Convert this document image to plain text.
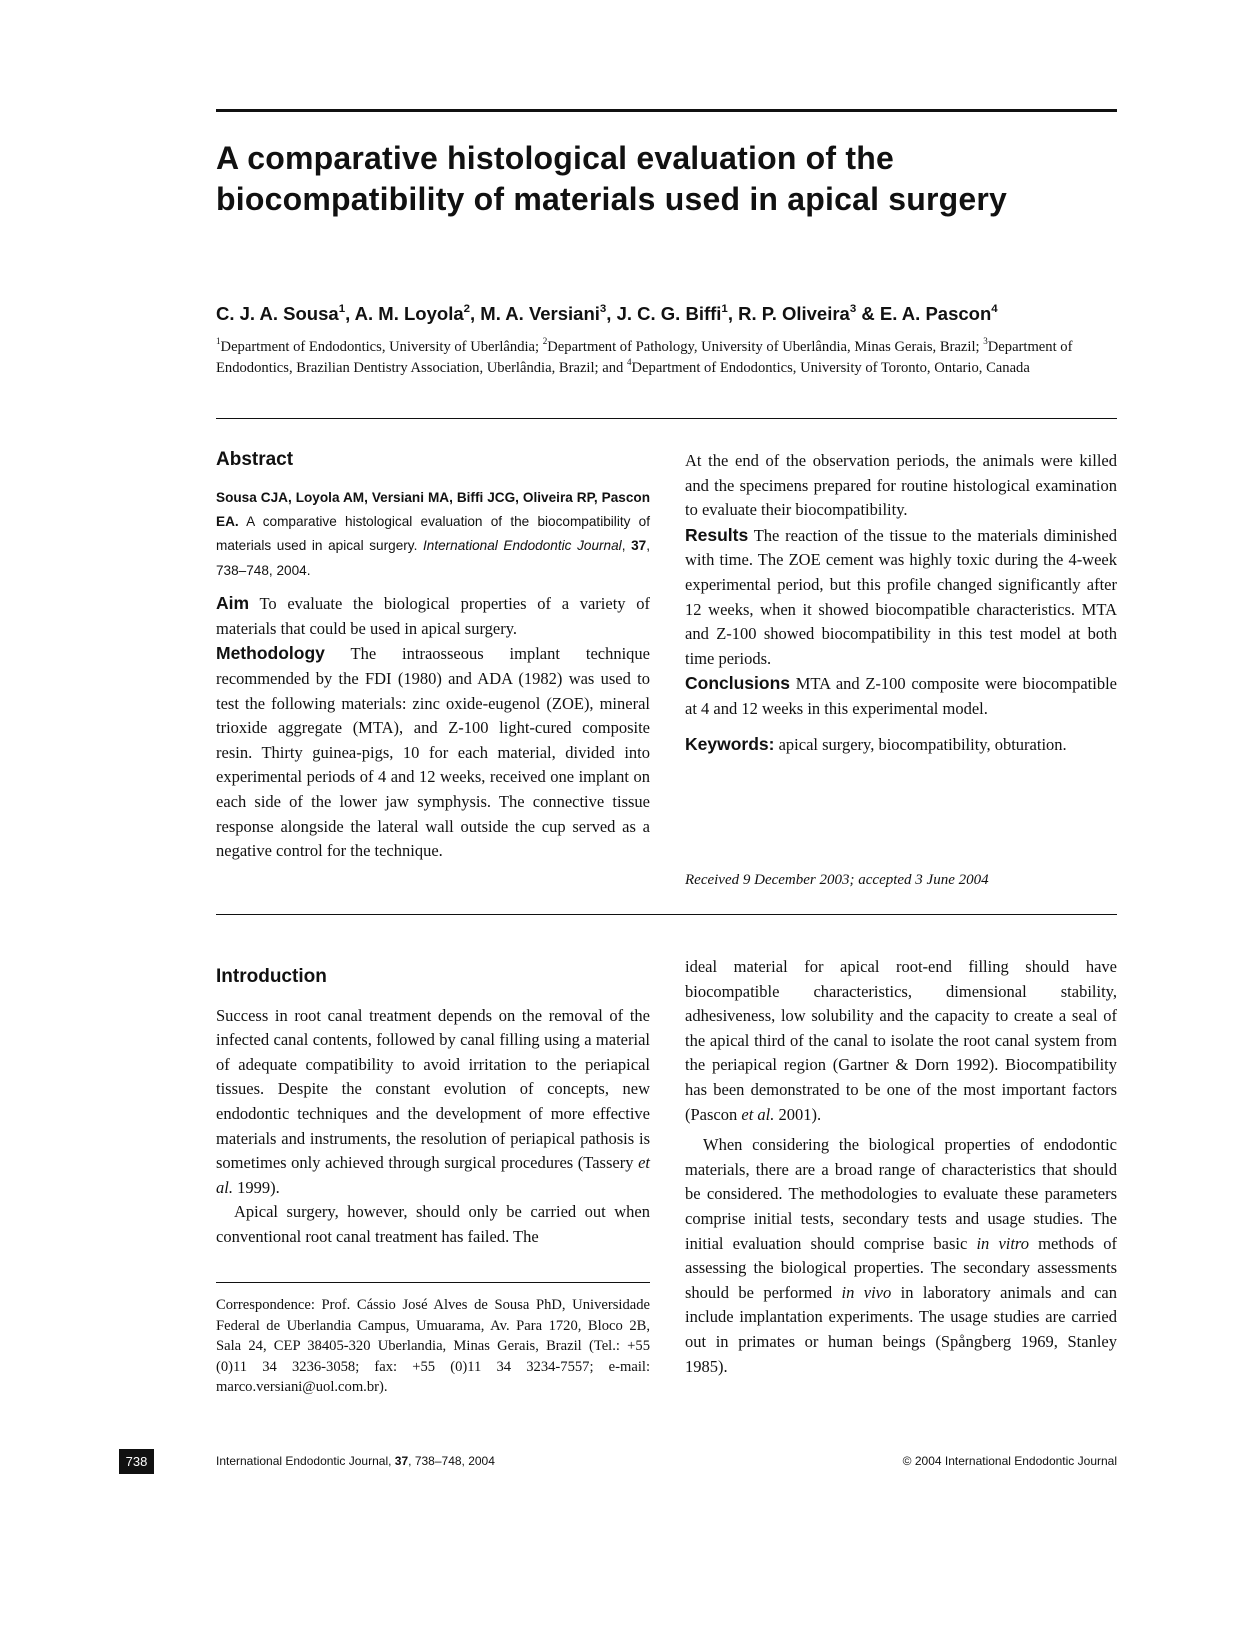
A comparative histological evaluation of the
biocompatibility of materials used in apical surgery
C. J. A. Sousa$^1$, A. M. Loyola$^2$, M. A. Versiani$^3$, J. C. G. Biffi$^1$, R. P. Oliveira$^3$ & E. A. Pascon$^4$
$^1$Department of Endodontics, University of Uberlândia; $^2$Department of Pathology, University of Uberlândia, Minas Gerais, Brazil; $^3$Department of Endodontics, Brazilian Dentistry Association, Uberlândia, Brazil; and $^4$Department of Endodontics, University of Toronto, Ontario, Canada
Abstract
Sousa CJA, Loyola AM, Versiani MA, Biffi JCG, Oliveira RP, Pascon EA. A comparative histological evaluation of the biocompatibility of materials used in apical surgery. International Endodontic Journal, 37, 738–748, 2004.

Aim To evaluate the biological properties of a variety of materials that could be used in apical surgery.

Methodology The intraosseous implant technique recommended by the FDI (1980) and ADA (1982) was used to test the following materials: zinc oxide-eugenol (ZOE), mineral trioxide aggregate (MTA), and Z-100 light-cured composite resin. Thirty guinea-pigs, 10 for each material, divided into experimental periods of 4 and 12 weeks, received one implant on each side of the lower jaw symphysis. The connective tissue response alongside the lateral wall outside the cup served as a negative control for the technique.

At the end of the observation periods, the animals were killed and the specimens prepared for routine histological examination to evaluate their biocompatibility.

Results The reaction of the tissue to the materials diminished with time. The ZOE cement was highly toxic during the 4-week experimental period, but this profile changed significantly after 12 weeks, when it showed biocompatible characteristics. MTA and Z-100 showed biocompatibility in this test model at both time periods.

Conclusions MTA and Z-100 composite were biocompatible at 4 and 12 weeks in this experimental model.

Keywords: apical surgery, biocompatibility, obturation.

Received 9 December 2003; accepted 3 June 2004
Introduction

Success in root canal treatment depends on the removal of the infected canal contents, followed by canal filling using a material of adequate compatibility to avoid irritation to the periapical tissues. Despite the constant evolution of concepts, new endodontic techniques and the development of more effective materials and instruments, the resolution of periapical pathosis is sometimes only achieved through surgical procedures (Tassery et al. 1999).

Apical surgery, however, should only be carried out when conventional root canal treatment has failed. The

Correspondence: Prof. Cássio José Alves de Sousa PhD, Universidade Federal de Uberlandia Campus, Umuarama, Av. Para 1720, Bloco 2B, Sala 24, CEP 38405-320 Uberlandia, Minas Gerais, Brazil (Tel.: +55 (0)11 34 3236-3058; fax: +55 (0)11 34 3234-7557; e-mail: marco.versiani@uol.com.br).

ideal material for apical root-end filling should have biocompatible characteristics, dimensional stability, adhesiveness, low solubility and the capacity to create a seal of the apical third of the canal to isolate the root canal system from the periapical region (Gartner & Dorn 1992). Biocompatibility has been demonstrated to be one of the most important factors (Pascon et al. 2001).

When considering the biological properties of endodontic materials, there are a broad range of characteristics that should be considered. The methodologies to evaluate these parameters comprise initial tests, secondary tests and usage studies. The initial evaluation should comprise basic in vitro methods of assessing the biological properties. The secondary assessments should be performed in vivo in laboratory animals and can include implantation experiments. The usage studies are carried out in primates or human beings (Spångberg 1969, Stanley 1985).

738	International Endodontic Journal, 37, 738–748, 2004	© 2004 International Endodontic Journal
